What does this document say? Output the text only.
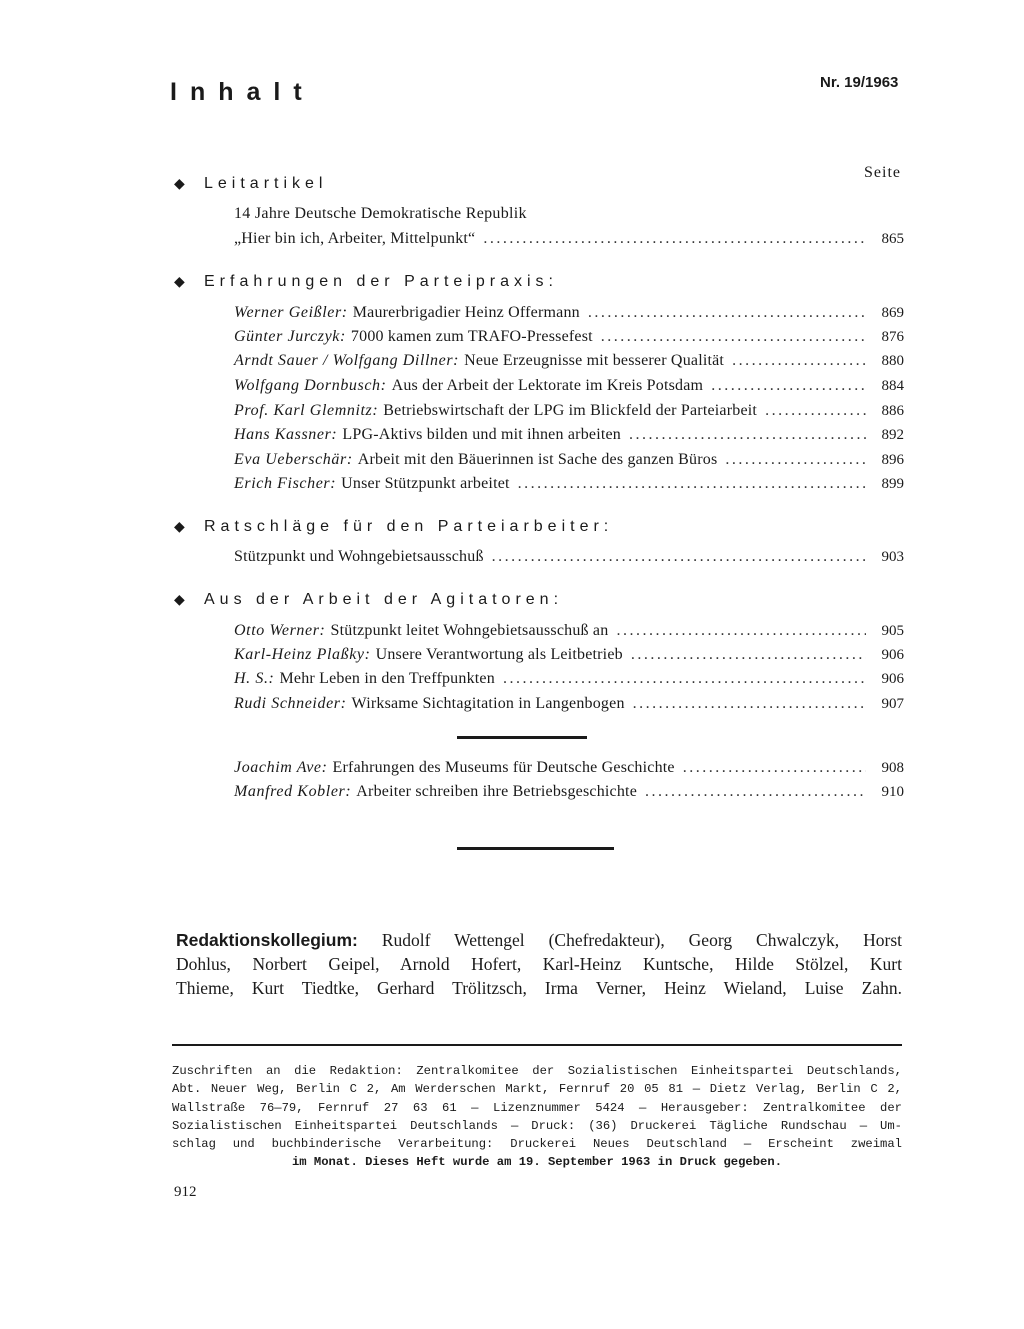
Inhalt	Nr. 19/1963
Seite
◆ Leitartikel
14 Jahre Deutsche Demokratische Republik
„Hier bin ich, Arbeiter, Mittelpunkt“ .....	865
◆ Erfahrungen der Parteipraxis:
Werner Geißler: Maurerbrigadier Heinz Offermann .....	869
Günter Jurczyk: 7000 kamen zum TRAFO-Pressefest .....	876
Arndt Sauer / Wolfgang Dillner: Neue Erzeugnisse mit besserer Qualität .....	880
Wolfgang Dornbusch: Aus der Arbeit der Lektorate im Kreis Potsdam .....	884
Prof. Karl Glemnitz: Betriebswirtschaft der LPG im Blickfeld der Parteiarbeit .....	886
Hans Kassner: LPG-Aktivs bilden und mit ihnen arbeiten .....	892
Eva Ueberschär: Arbeit mit den Bäuerinnen ist Sache des ganzen Büros .....	896
Erich Fischer: Unser Stützpunkt arbeitet .....	899
◆ Ratschläge für den Parteiarbeiter:
Stützpunkt und Wohngebietsausschuß .....	903
◆ Aus der Arbeit der Agitatoren:
Otto Werner: Stützpunkt leitet Wohngebietsausschuß an .....	905
Karl-Heinz Plaßky: Unsere Verantwortung als Leitbetrieb .....	906
H. S.: Mehr Leben in den Treffpunkten .....	906
Rudi Schneider: Wirksame Sichtagitation in Langenbogen .....	907
Joachim Ave: Erfahrungen des Museums für Deutsche Geschichte .....	908
Manfred Kobler: Arbeiter schreiben ihre Betriebsgeschichte .....	910
Redaktionskollegium: Rudolf Wettengel (Chefredakteur), Georg Chwalczyk, Horst
Dohlus, Norbert Geipel, Arnold Hofert, Karl-Heinz Kuntsche, Hilde Stölzel, Kurt
Thieme, Kurt Tiedtke, Gerhard Trölitzsch, Irma Verner, Heinz Wieland, Luise Zahn.
Zuschriften an die Redaktion: Zentralkomitee der Sozialistischen Einheitspartei Deutschlands,
Abt. Neuer Weg, Berlin C 2, Am Werderschen Markt, Fernruf 20 05 81 — Dietz Verlag, Berlin C 2,
Wallstraße 76—79, Fernruf 27 63 61 — Lizenznummer 5424 — Herausgeber: Zentralkomitee der
Sozialistischen Einheitspartei Deutschlands — Druck: (36) Druckerei Tägliche Rundschau — Um-
schlag und buchbinderische Verarbeitung: Druckerei Neues Deutschland — Erscheint zweimal
im Monat. Dieses Heft wurde am 19. September 1963 in Druck gegeben.
912
